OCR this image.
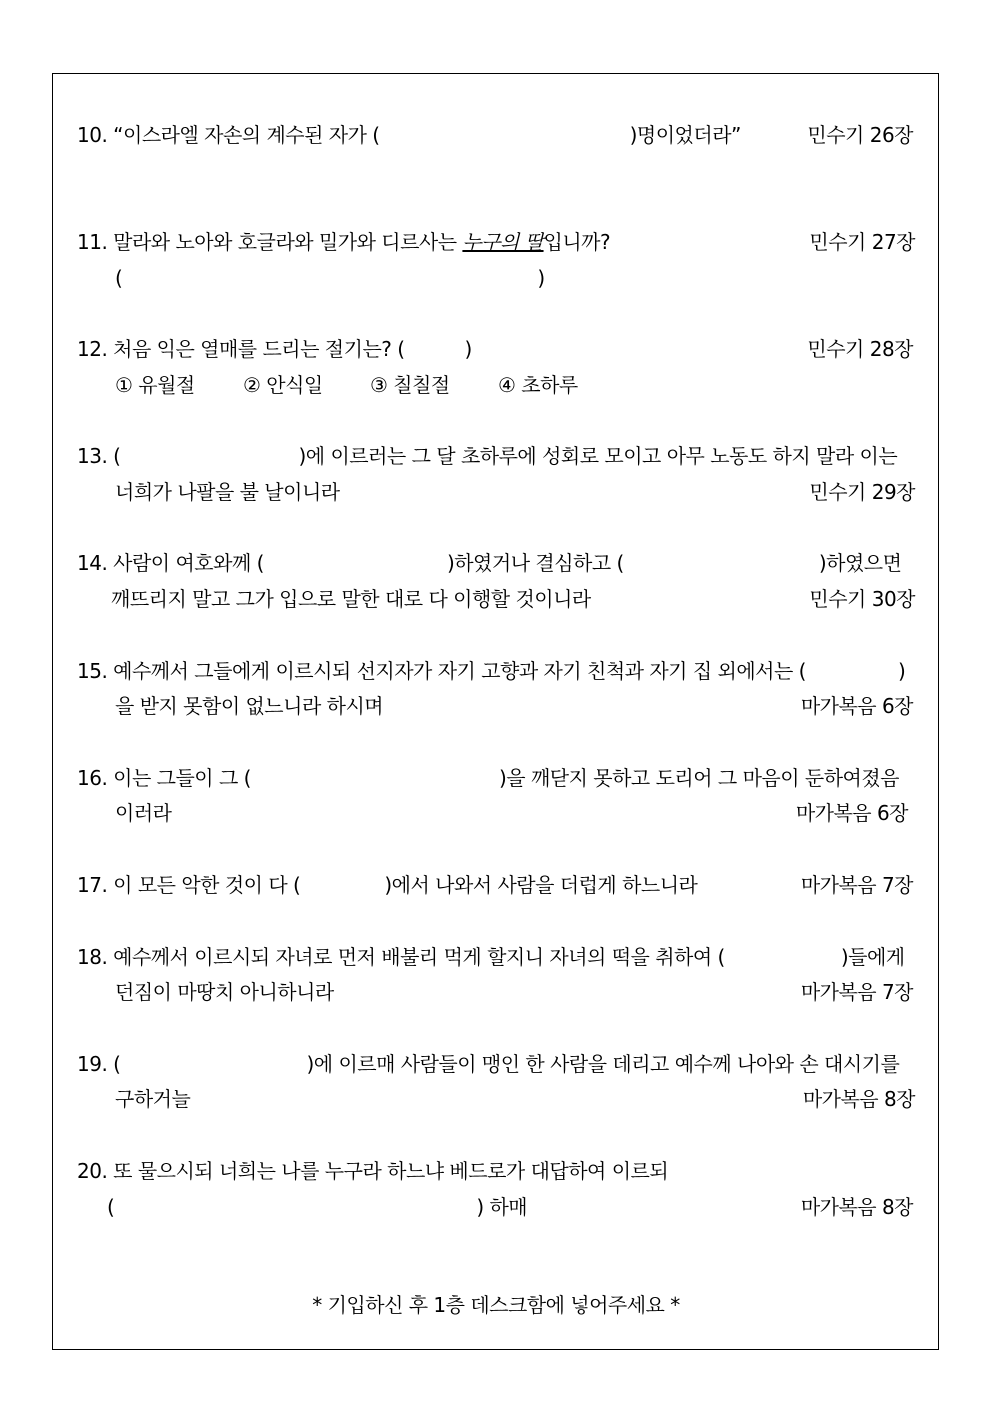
10. “이스라엘 자손의 계수된 자가 (	)명이었더라”	민수기 26장
11. 말라와 노아와 호글라와 밀가와 디르사는 누구의 딸입니까?	민수기 27장
(	)
12. 처음 익은 열매를 드리는 절기는? (	)	민수기 28장
① 유월절 ② 안식일 ③ 칠칠절 ④ 초하루
13. (	)에 이르러는 그 달 초하루에 성회로 모이고 아무 노동도 하지 말라 이는
너희가 나팔을 불 날이니라	민수기 29장
14. 사람이 여호와께 (	)하였거나 결심하고 (	)하였으면
깨뜨리지 말고 그가 입으로 말한 대로 다 이행할 것이니라	민수기 30장
15. 예수께서 그들에게 이르시되 선지자가 자기 고향과 자기 친척과 자기 집 외에서는 (	)
을 받지 못함이 없느니라 하시며	마가복음 6장
16. 이는 그들이 그 (	)을 깨닫지 못하고 도리어 그 마음이 둔하여졌음
이러라	마가복음 6장
17. 이 모든 악한 것이 다 (	)에서 나와서 사람을 더럽게 하느니라	마가복음 7장
18. 예수께서 이르시되 자녀로 먼저 배불리 먹게 할지니 자녀의 떡을 취하여 (	)들에게
던짐이 마땅치 아니하니라	마가복음 7장
19. (	)에 이르매 사람들이 맹인 한 사람을 데리고 예수께 나아와 손 대시기를
구하거늘	마가복음 8장
20. 또 물으시되 너희는 나를 누구라 하느냐 베드로가 대답하여 이르되
(	) 하매	마가복음 8장
* 기입하신 후 1층 데스크함에 넣어주세요 *
